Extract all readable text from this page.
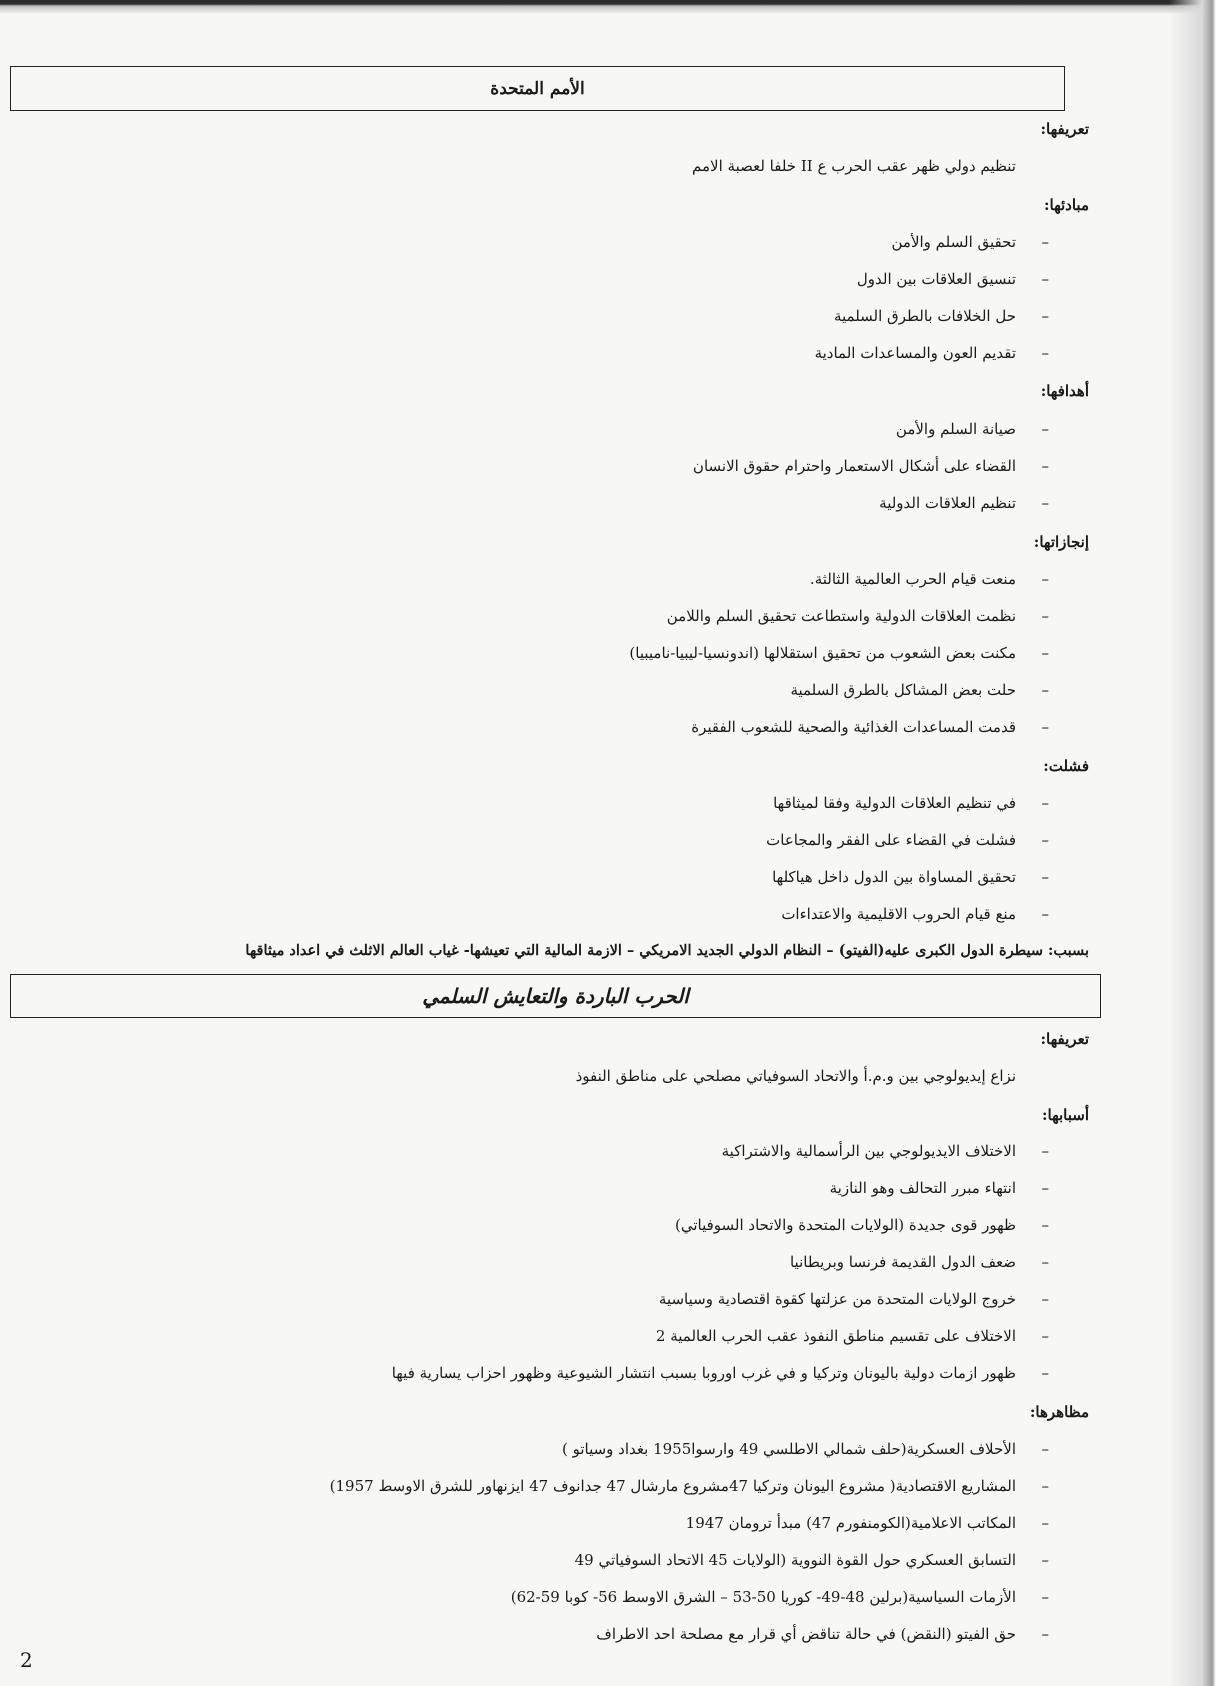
الأمم المتحدة
تعريفها:
تنظيم دولي ظهر عقب الحرب ع II خلفا لعصبة الامم
مبادئها:
–
تحقيق السلم والأمن
–
تنسيق العلاقات بين الدول
–
حل الخلافات بالطرق السلمية
–
تقديم العون والمساعدات المادية
أهدافها:
–
صيانة السلم والأمن
–
القضاء على أشكال الاستعمار واحترام حقوق الانسان
–
تنظيم العلاقات الدولية
إنجازاتها:
–
منعت قيام الحرب العالمية الثالثة.
–
نظمت العلاقات الدولية واستطاعت تحقيق السلم واللامن
–
مكنت بعض الشعوب من تحقيق استقلالها (اندونسيا-ليبيا-ناميبيا)
–
حلت بعض المشاكل بالطرق السلمية
–
قدمت المساعدات الغذائية والصحية للشعوب الفقيرة
فشلت:
–
في تنظيم العلاقات الدولية وفقا لميثاقها
–
فشلت في القضاء على الفقر والمجاعات
–
تحقيق المساواة بين الدول داخل هياكلها
–
منع قيام الحروب الاقليمية والاعتداءات
بسبب: سيطرة الدول الكبرى عليه(الفيتو) – النظام الدولي الجديد الامريكي – الازمة المالية التي تعيشها- غياب العالم الاثلث في اعداد ميثاقها
الحرب الباردة والتعايش السلمي
تعريفها:
نزاع إيديولوجي بين و.م.أ والاتحاد السوفياتي مصلحي على مناطق النفوذ
أسبابها:
–
الاختلاف الايديولوجي بين الرأسمالية والاشتراكية
–
انتهاء مبرر التحالف وهو النازية
–
ظهور قوى جديدة (الولايات المتحدة والاتحاد السوفياتي)
–
ضعف الدول القديمة فرنسا وبريطانيا
–
خروج الولايات المتحدة من عزلتها كقوة اقتصادية وسياسية
–
الاختلاف على تقسيم مناطق النفوذ عقب الحرب العالمية 2
–
ظهور ازمات دولية باليونان وتركيا و في غرب اوروبا بسبب انتشار الشيوعية وظهور احزاب يسارية فيها
مظاهرها:
–
الأحلاف العسكرية(حلف شمالي الاطلسي 49 وارسوا1955 بغداد وسياتو )
–
المشاريع الاقتصادية( مشروع اليونان وتركيا 47مشروع مارشال 47 جدانوف 47 ايزنهاور للشرق الاوسط 1957)
–
المكاتب الاعلامية(الكومنفورم 47) مبدأ ترومان 1947
–
التسابق العسكري حول القوة النووية (الولايات 45 الاتحاد السوفياتي 49
–
الأزمات السياسية(برلين 48-49- كوريا 50-53 – الشرق الاوسط 56- كوبا 59-62)
–
حق الفيتو (النقض) في حالة تناقض أي قرار مع مصلحة احد الاطراف
2
